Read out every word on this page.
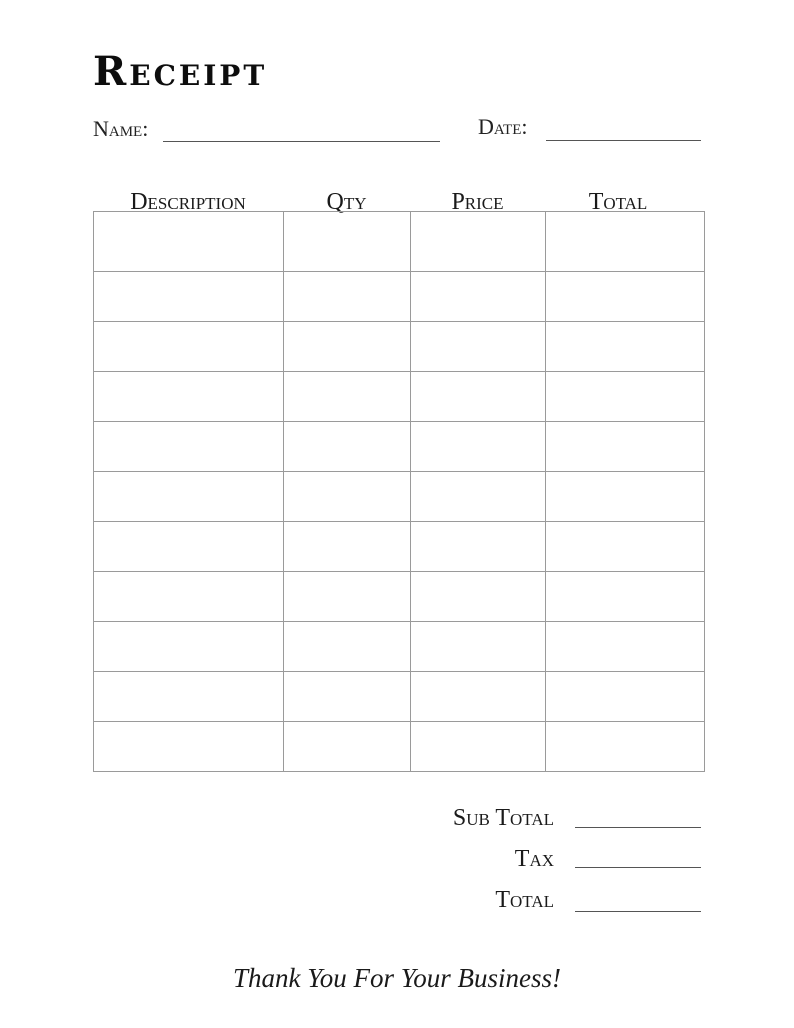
Receipt
Name:	Date:
Description	Qty	Price	Total

Sub Total
Tax
Total
Thank You For Your Business!
